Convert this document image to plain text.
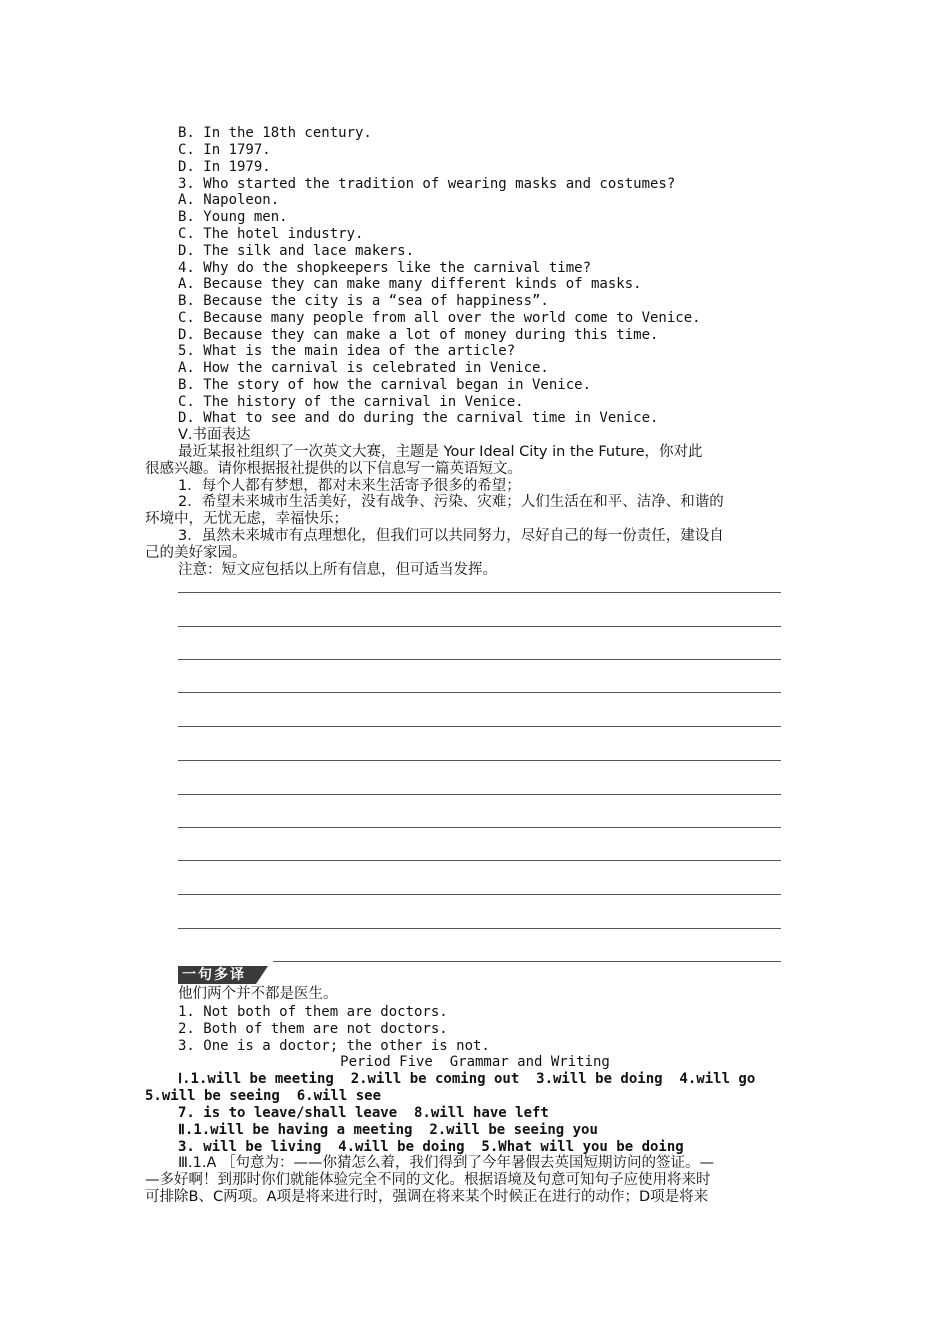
B. In the 18th century.
C. In 1797.
D. In 1979.
3. Who started the tradition of wearing masks and costumes?
A. Napoleon.
B. Young men.
C. The hotel industry.
D. The silk and lace makers.
4. Why do the shopkeepers like the carnival time?
A. Because they can make many different kinds of masks.
B. Because the city is a “sea of happiness”.
C. Because many people from all over the world come to Venice.
D. Because they can make a lot of money during this time.
5. What is the main idea of the article?
A. How the carnival is celebrated in Venice.
B. The story of how the carnival began in Venice.
C. The history of the carnival in Venice.
D. What to see and do during the carnival time in Venice.
Ⅴ.书面表达
最近某报社组织了一次英文大赛，主题是 Your Ideal City in the Future，你对此
很感兴趣。请你根据报社提供的以下信息写一篇英语短文。
1．每个人都有梦想，都对未来生活寄予很多的希望；
2．希望未来城市生活美好，没有战争、污染、灾难；人们生活在和平、洁净、和谐的
环境中，无忧无虑，幸福快乐；
3．虽然未来城市有点理想化，但我们可以共同努力，尽好自己的每一份责任，建设自
己的美好家园。
注意：短文应包括以上所有信息，但可适当发挥。
一句多译
他们两个并不都是医生。
1. Not both of them are doctors.
2. Both of them are not doctors.
3. One is a doctor; the other is not.
Period Five  Grammar and Writing
Ⅰ.1.will be meeting  2.will be coming out  3.will be doing  4.will go
5.will be seeing  6.will see
7. is to leave/shall leave  8.will have left
Ⅱ.1.will be having a meeting  2.will be seeing you
3. will be living  4.will be doing  5.What will you be doing
Ⅲ.1.A ［句意为：——你猜怎么着，我们得到了今年暑假去英国短期访问的签证。—
—多好啊！到那时你们就能体验完全不同的文化。根据语境及句意可知句子应使用将来时
可排除B、C两项。A项是将来进行时，强调在将来某个时候正在进行的动作；D项是将来
